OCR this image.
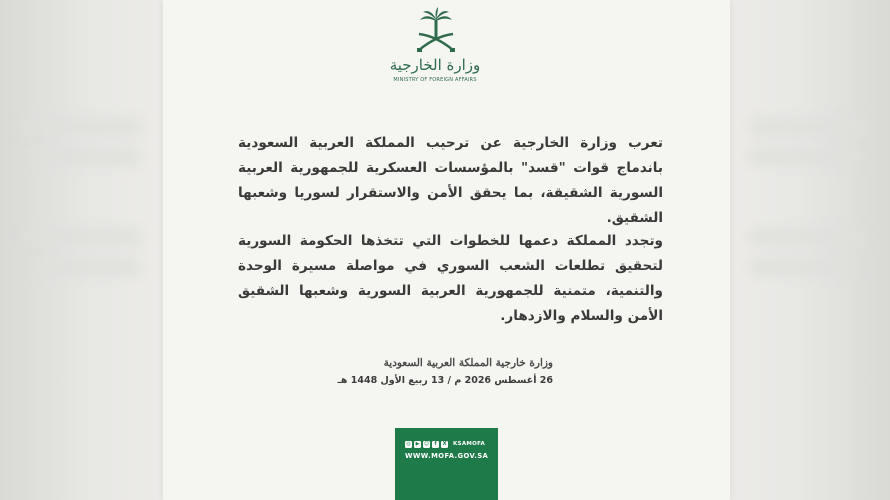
وزارة الخارجية
MINISTRY OF FOREIGN AFFAIRS

تعرب وزارة الخارجية عن ترحيب المملكة العربية السعودية باندماج قوات "قسد" بالمؤسسات العسكرية للجمهورية العربية السورية الشقيقة، بما يحقق الأمن والاستقرار لسوريا وشعبها الشقيق.

وتجدد المملكة دعمها للخطوات التي تتخذها الحكومة السورية لتحقيق تطلعات الشعب السوري في مواصلة مسيرة الوحدة والتنمية، متمنية للجمهورية العربية السورية وشعبها الشقيق الأمن والسلام والازدهار.

وزارة خارجية المملكة العربية السعودية
26 أغسطس 2026 م / 13 ربيع الأول 1448 هـ
◎ ▶ ☺	f	X KSAMOFA
WWW.MOFA.GOV.SA
